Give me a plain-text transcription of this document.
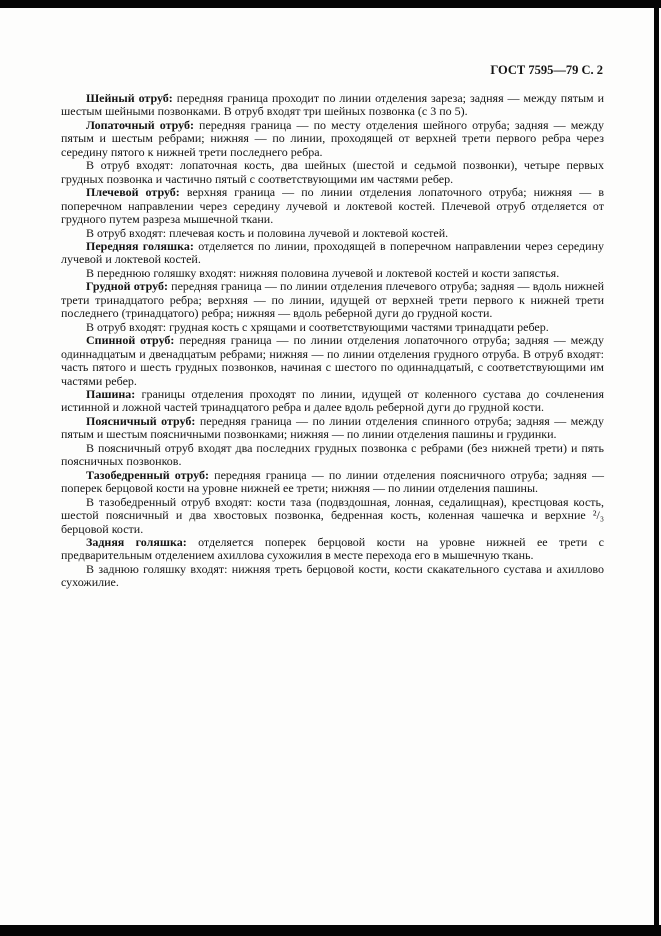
ГОСТ 7595—79 С. 2

Шейный отруб: передняя граница проходит по линии отделения зареза; задняя — между пятым и шестым шейными позвонками. В отруб входят три шейных позвонка (с 3 по 5).

Лопаточный отруб: передняя граница — по месту отделения шейного отруба; задняя — между пятым и шестым ребрами; нижняя — по линии, проходящей от верхней трети первого ребра через середину пятого к нижней трети последнего ребра.

В отруб входят: лопаточная кость, два шейных (шестой и седьмой позвонки), четыре первых грудных позвонка и частично пятый с соответствующими им частями ребер.

Плечевой отруб: верхняя граница — по линии отделения лопаточного отруба; нижняя — в поперечном направлении через середину лучевой и локтевой костей. Плечевой отруб отделяется от грудного путем разреза мышечной ткани.

В отруб входят: плечевая кость и половина лучевой и локтевой костей.

Передняя голяшка: отделяется по линии, проходящей в поперечном направлении через середину лучевой и локтевой костей.

В переднюю голяшку входят: нижняя половина лучевой и локтевой костей и кости запястья.

Грудной отруб: передняя граница — по линии отделения плечевого отруба; задняя — вдоль нижней трети тринадцатого ребра; верхняя — по линии, идущей от верхней трети первого к нижней трети последнего (тринадцатого) ребра; нижняя — вдоль реберной дуги до грудной кости.

В отруб входят: грудная кость с хрящами и соответствующими частями тринадцати ребер.

Спинной отруб: передняя граница — по линии отделения лопаточного отруба; задняя — между одиннадцатым и двенадцатым ребрами; нижняя — по линии отделения грудного отруба. В отруб входят: часть пятого и шесть грудных позвонков, начиная с шестого по одиннадцатый, с соответствующими им частями ребер.

Пашина: границы отделения проходят по линии, идущей от коленного сустава до сочленения истинной и ложной частей тринадцатого ребра и далее вдоль реберной дуги до грудной кости.

Поясничный отруб: передняя граница — по линии отделения спинного отруба; задняя — между пятым и шестым поясничными позвонками; нижняя — по линии отделения пашины и грудинки.

В поясничный отруб входят два последних грудных позвонка с ребрами (без нижней трети) и пять поясничных позвонков.

Тазобедренный отруб: передняя граница — по линии отделения поясничного отруба; задняя — поперек берцовой кости на уровне нижней ее трети; нижняя — по линии отделения пашины.

В тазобедренный отруб входят: кости таза (подвздошная, лонная, седалищная), крестцовая кость, шестой поясничный и два хвостовых позвонка, бедренная кость, коленная чашечка и верхние ²/₃ берцовой кости.

Задняя голяшка: отделяется поперек берцовой кости на уровне нижней ее трети с предварительным отделением ахиллова сухожилия в месте перехода его в мышечную ткань.

В заднюю голяшку входят: нижняя треть берцовой кости, кости скакательного сустава и ахиллово сухожилие.
